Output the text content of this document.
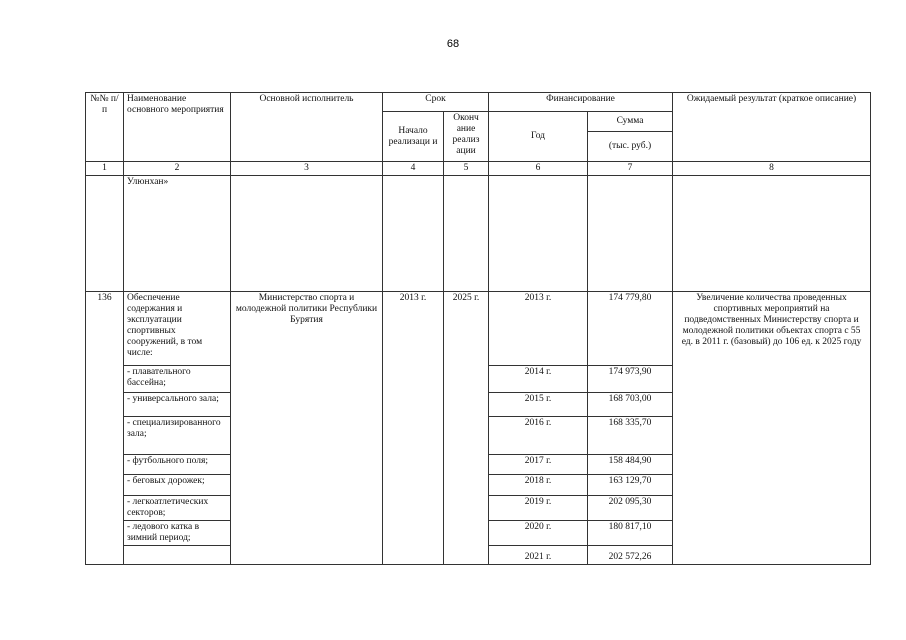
68
№№ п/п	Наименование основного мероприятия	Основной исполнитель	Срок		Финансирование		Ожидаемый результат (краткое описание)
			Начало реализаци и	Оконч ание реализ ации	Год	Сумма	
						(тыс. руб.)	
1	2	3	4	5	6	7	8
	Улюнхан»						
136	Обеспечение содержания и эксплуатации спортивных сооружений, в том числе:	Министерство спорта и молодежной политики Республики Бурятия	2013 г.	2025 г.	2013 г.	174 779,80	Увеличение количества проведенных спортивных мероприятий на подведомственных Министерству спорта и молодежной политики объектах спорта с 55 ед. в 2011 г. (базовый) до 106 ед. к 2025 году
	- плавательного бассейна;				2014 г.	174 973,90	
	- универсального зала;				2015 г.	168 703,00	
	- специализированного зала;				2016 г.	168 335,70	
	- футбольного поля;				2017 г.	158 484,90	
	- беговых дорожек;				2018 г.	163 129,70	
	- легкоатлетических секторов;				2019 г.	202 095,30	
	- ледового катка в зимний период;				2020 г.	180 817,10	
					2021 г.	202 572,26	
